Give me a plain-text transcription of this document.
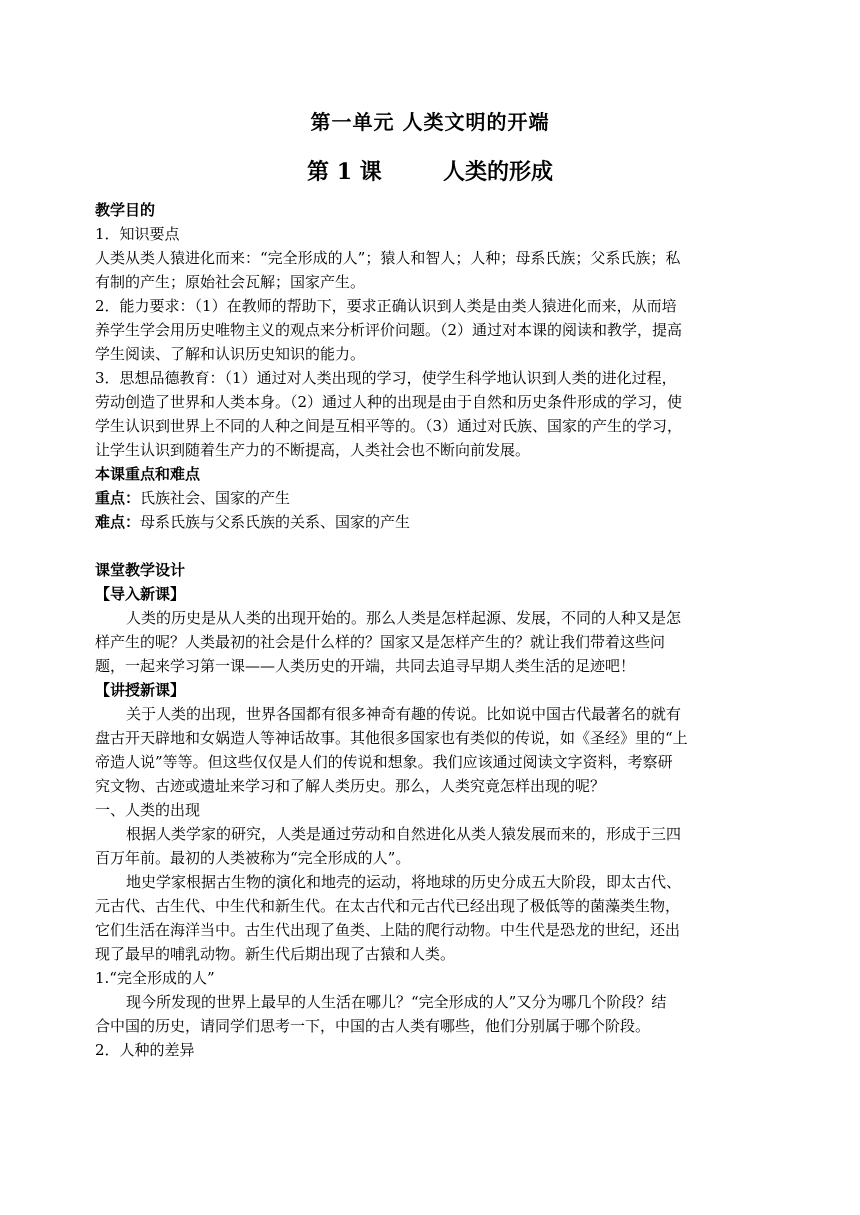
第一单元 人类文明的开端
第 1 课        人类的形成
教学目的
1．知识要点
人类从类人猿进化而来：“完全形成的人”；猿人和智人；人种；母系氏族；父系氏族；私
有制的产生；原始社会瓦解；国家产生。
2．能力要求：（1）在教师的帮助下，要求正确认识到人类是由类人猿进化而来，从而培
养学生学会用历史唯物主义的观点来分析评价问题。（2）通过对本课的阅读和教学，提高
学生阅读、了解和认识历史知识的能力。
3．思想品德教育：（1）通过对人类出现的学习，使学生科学地认识到人类的进化过程，
劳动创造了世界和人类本身。（2）通过人种的出现是由于自然和历史条件形成的学习，使
学生认识到世界上不同的人种之间是互相平等的。（3）通过对氏族、国家的产生的学习，
让学生认识到随着生产力的不断提高，人类社会也不断向前发展。
本课重点和难点
重点：氏族社会、国家的产生
难点：母系氏族与父系氏族的关系、国家的产生
课堂教学设计
【导入新课】
人类的历史是从人类的出现开始的。那么人类是怎样起源、发展，不同的人种又是怎
样产生的呢？人类最初的社会是什么样的？国家又是怎样产生的？就让我们带着这些问
题，一起来学习第一课——人类历史的开端，共同去追寻早期人类生活的足迹吧！
【讲授新课】
关于人类的出现，世界各国都有很多神奇有趣的传说。比如说中国古代最著名的就有
盘古开天辟地和女娲造人等神话故事。其他很多国家也有类似的传说，如《圣经》里的“上
帝造人说”等等。但这些仅仅是人们的传说和想象。我们应该通过阅读文字资料，考察研
究文物、古迹或遗址来学习和了解人类历史。那么，人类究竟怎样出现的呢？
一、人类的出现
根据人类学家的研究，人类是通过劳动和自然进化从类人猿发展而来的，形成于三四
百万年前。最初的人类被称为“完全形成的人”。
地史学家根据古生物的演化和地壳的运动，将地球的历史分成五大阶段，即太古代、
元古代、古生代、中生代和新生代。在太古代和元古代已经出现了极低等的菌藻类生物，
它们生活在海洋当中。古生代出现了鱼类、上陆的爬行动物。中生代是恐龙的世纪，还出
现了最早的哺乳动物。新生代后期出现了古猿和人类。
1.“完全形成的人”
现今所发现的世界上最早的人生活在哪儿？“完全形成的人”又分为哪几个阶段？结
合中国的历史，请同学们思考一下，中国的古人类有哪些，他们分别属于哪个阶段。
2．人种的差异
